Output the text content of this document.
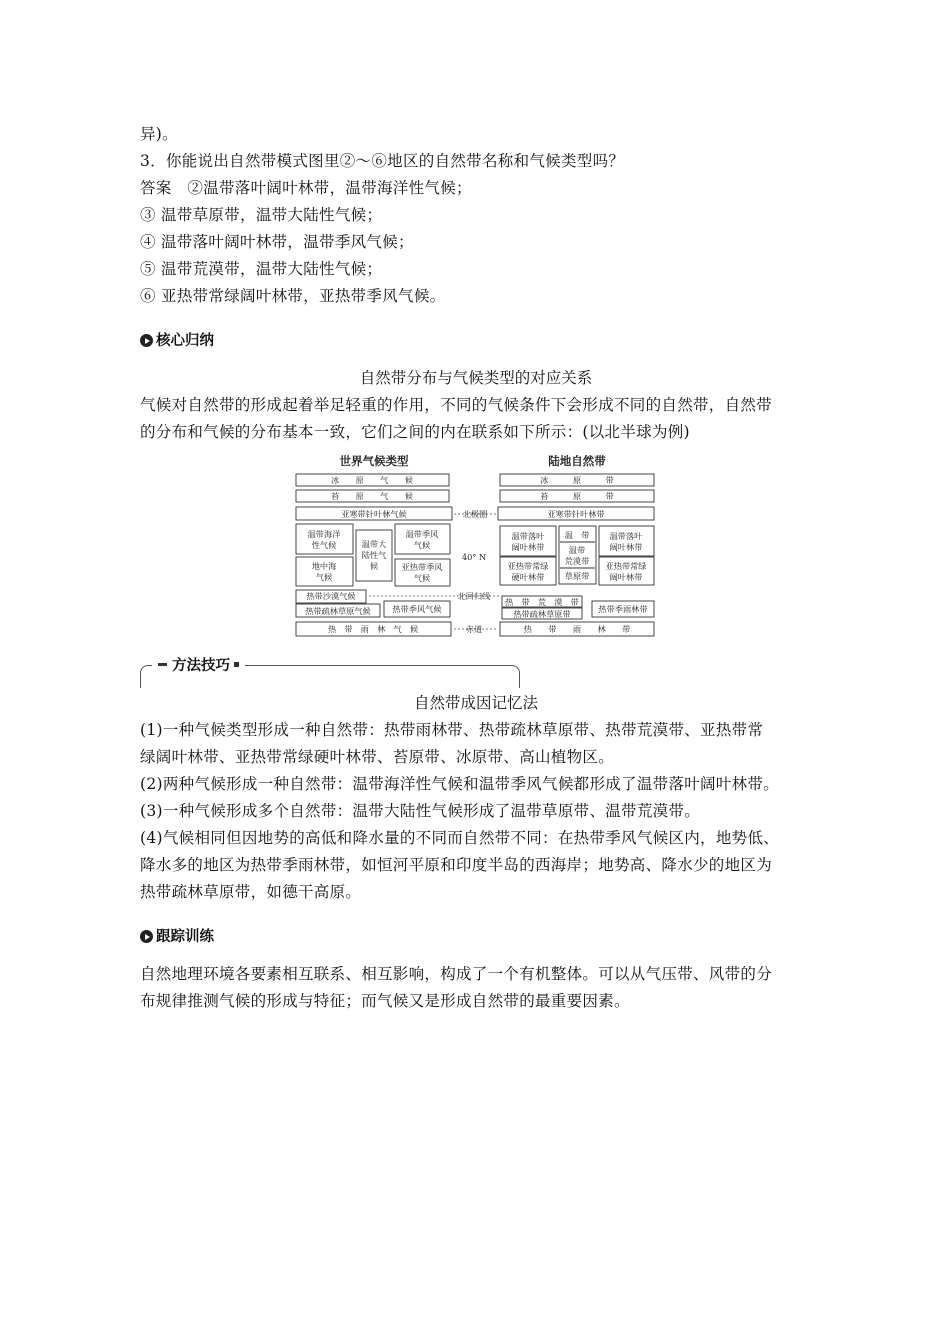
异)。
3．你能说出自然带模式图里②～⑥地区的自然带名称和气候类型吗？
答案　②温带落叶阔叶林带，温带海洋性气候；
③ 温带草原带，温带大陆性气候；
④ 温带落叶阔叶林带，温带季风气候；
⑤ 温带荒漠带，温带大陆性气候；
⑥ 亚热带常绿阔叶林带，亚热带季风气候。
核心归纳
自然带分布与气候类型的对应关系
气候对自然带的形成起着举足轻重的作用，不同的气候条件下会形成不同的自然带，自然带
的分布和气候的分布基本一致，它们之间的内在联系如下所示：(以北半球为例)
世界气候类型	陆地自然带
冰　　原　　气　　候
苔　　原　　气　　候
亚寒带针叶林气候
温带海洋
性气候	温带大
陆性气
候
温带季风
气候
地中海
气候
亚热带季风
气候
热带沙漠气候
热带疏林草原气候	热带季风气候
热　带　雨　林　气　候
北极圈
40° N
北回归线
赤道
冰　　　原　　　带
苔　　　原　　　带
亚寒带针叶林带
温带落叶
阔叶林带
温　带
温带
荒漠带
草原带
温带落叶
阔叶林带
亚热带常绿
硬叶林带
亚热带常绿
阔叶林带
热　带　荒　漠　带
热带疏林草原带	热带季雨林带
热　　带　　雨　　林　　带
方法技巧
自然带成因记忆法
(1)一种气候类型形成一种自然带：热带雨林带、热带疏林草原带、热带荒漠带、亚热带常
绿阔叶林带、亚热带常绿硬叶林带、苔原带、冰原带、高山植物区。
(2)两种气候形成一种自然带：温带海洋性气候和温带季风气候都形成了温带落叶阔叶林带。
(3)一种气候形成多个自然带：温带大陆性气候形成了温带草原带、温带荒漠带。
(4)气候相同但因地势的高低和降水量的不同而自然带不同：在热带季风气候区内，地势低、
降水多的地区为热带季雨林带，如恒河平原和印度半岛的西海岸；地势高、降水少的地区为
热带疏林草原带，如德干高原。
跟踪训练
自然地理环境各要素相互联系、相互影响，构成了一个有机整体。可以从气压带、风带的分
布规律推测气候的形成与特征；而气候又是形成自然带的最重要因素。
